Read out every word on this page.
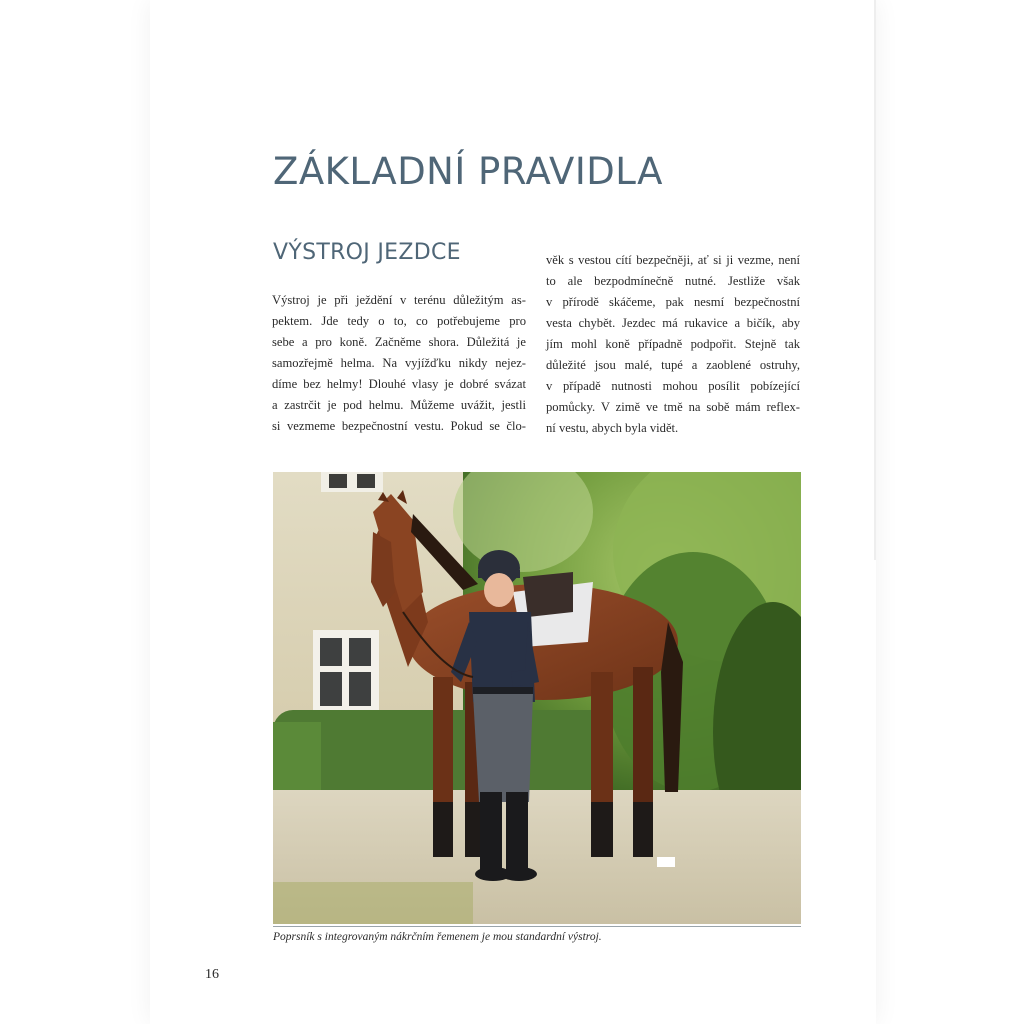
ZÁKLADNÍ PRAVIDLA
VÝSTROJ JEZDCE
Výstroj je při ježdění v terénu důležitým as-
pektem. Jde tedy o to, co potřebujeme pro
sebe a pro koně. Začněme shora. Důležitá je
samozřejmě helma. Na vyjížďku nikdy nejez-
díme bez helmy! Dlouhé vlasy je dobré svázat
a zastrčit je pod helmu. Můžeme uvážit, jestli
si vezmeme bezpečnostní vestu. Pokud se člo-
věk s vestou cítí bezpečněji, ať si ji vezme, není
to ale bezpodmínečně nutné. Jestliže však
v přírodě skáčeme, pak nesmí bezpečnostní
vesta chybět. Jezdec má rukavice a bičík, aby
jím mohl koně případně podpořit. Stejně tak
důležité jsou malé, tupé a zaoblené ostruhy,
v případě nutnosti mohou posílit pobízející
pomůcky. V zimě ve tmě na sobě mám reflex-
ní vestu, abych byla vidět.

Poprsník s integrovaným nákrčním řemenem je mou standardní výstroj.

16
